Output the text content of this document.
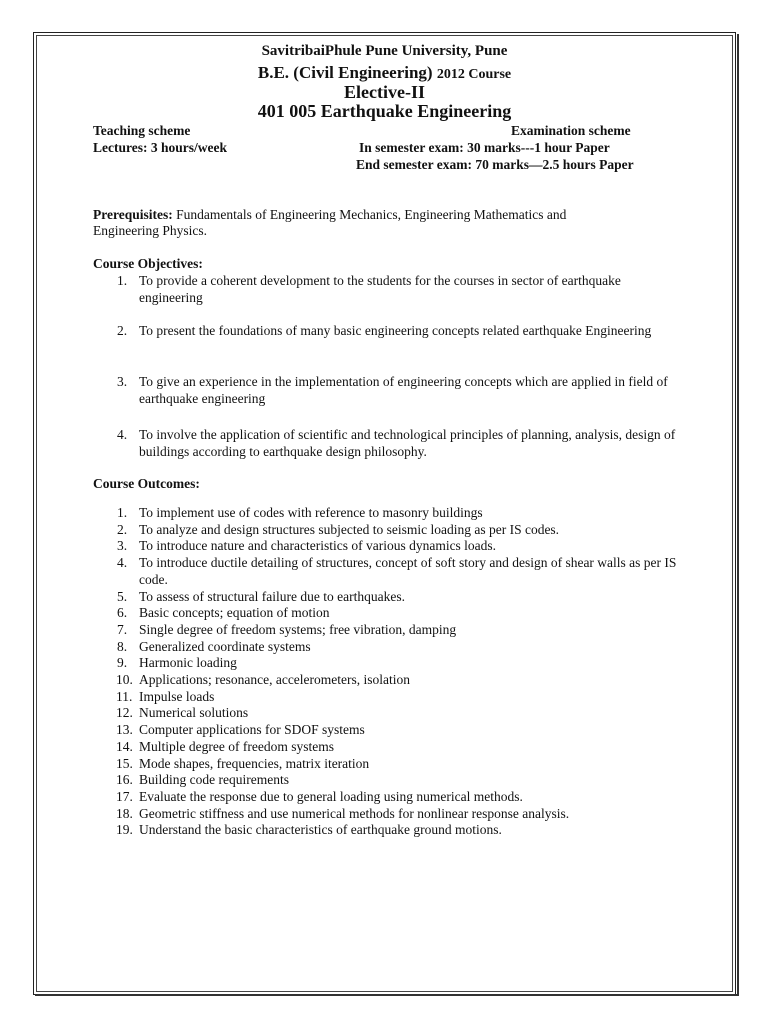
SavitribaiPhule Pune University, Pune
B.E. (Civil Engineering) 2012 Course
Elective-II
401 005 Earthquake Engineering
Teaching scheme	Examination scheme
Lectures: 3 hours/week	In semester exam: 30 marks---1 hour Paper
End semester exam: 70 marks—2.5 hours Paper
Prerequisites: Fundamentals of Engineering Mechanics, Engineering Mathematics and
Engineering Physics.
Course Objectives:
1. To provide a coherent development to the students for the courses in sector of earthquake engineering
2. To present the foundations of many basic engineering concepts related earthquake Engineering
3. To give an experience in the implementation of engineering concepts which are applied in field of earthquake engineering
4. To involve the application of scientific and technological principles of planning, analysis, design of buildings according to earthquake design philosophy.
Course Outcomes:
1. To implement use of codes with reference to masonry buildings
2. To analyze and design structures subjected to seismic loading as per IS codes.
3. To introduce nature and characteristics of various dynamics loads.
4. To introduce ductile detailing of structures, concept of soft story and design of shear walls as per IS code.
5. To assess of structural failure due to earthquakes.
6. Basic concepts; equation of motion
7. Single degree of freedom systems; free vibration, damping
8. Generalized coordinate systems
9. Harmonic loading
10. Applications; resonance, accelerometers, isolation
11. Impulse loads
12. Numerical solutions
13. Computer applications for SDOF systems
14. Multiple degree of freedom systems
15. Mode shapes, frequencies, matrix iteration
16. Building code requirements
17. Evaluate the response due to general loading using numerical methods.
18. Geometric stiffness and use numerical methods for nonlinear response analysis.
19. Understand the basic characteristics of earthquake ground motions.
